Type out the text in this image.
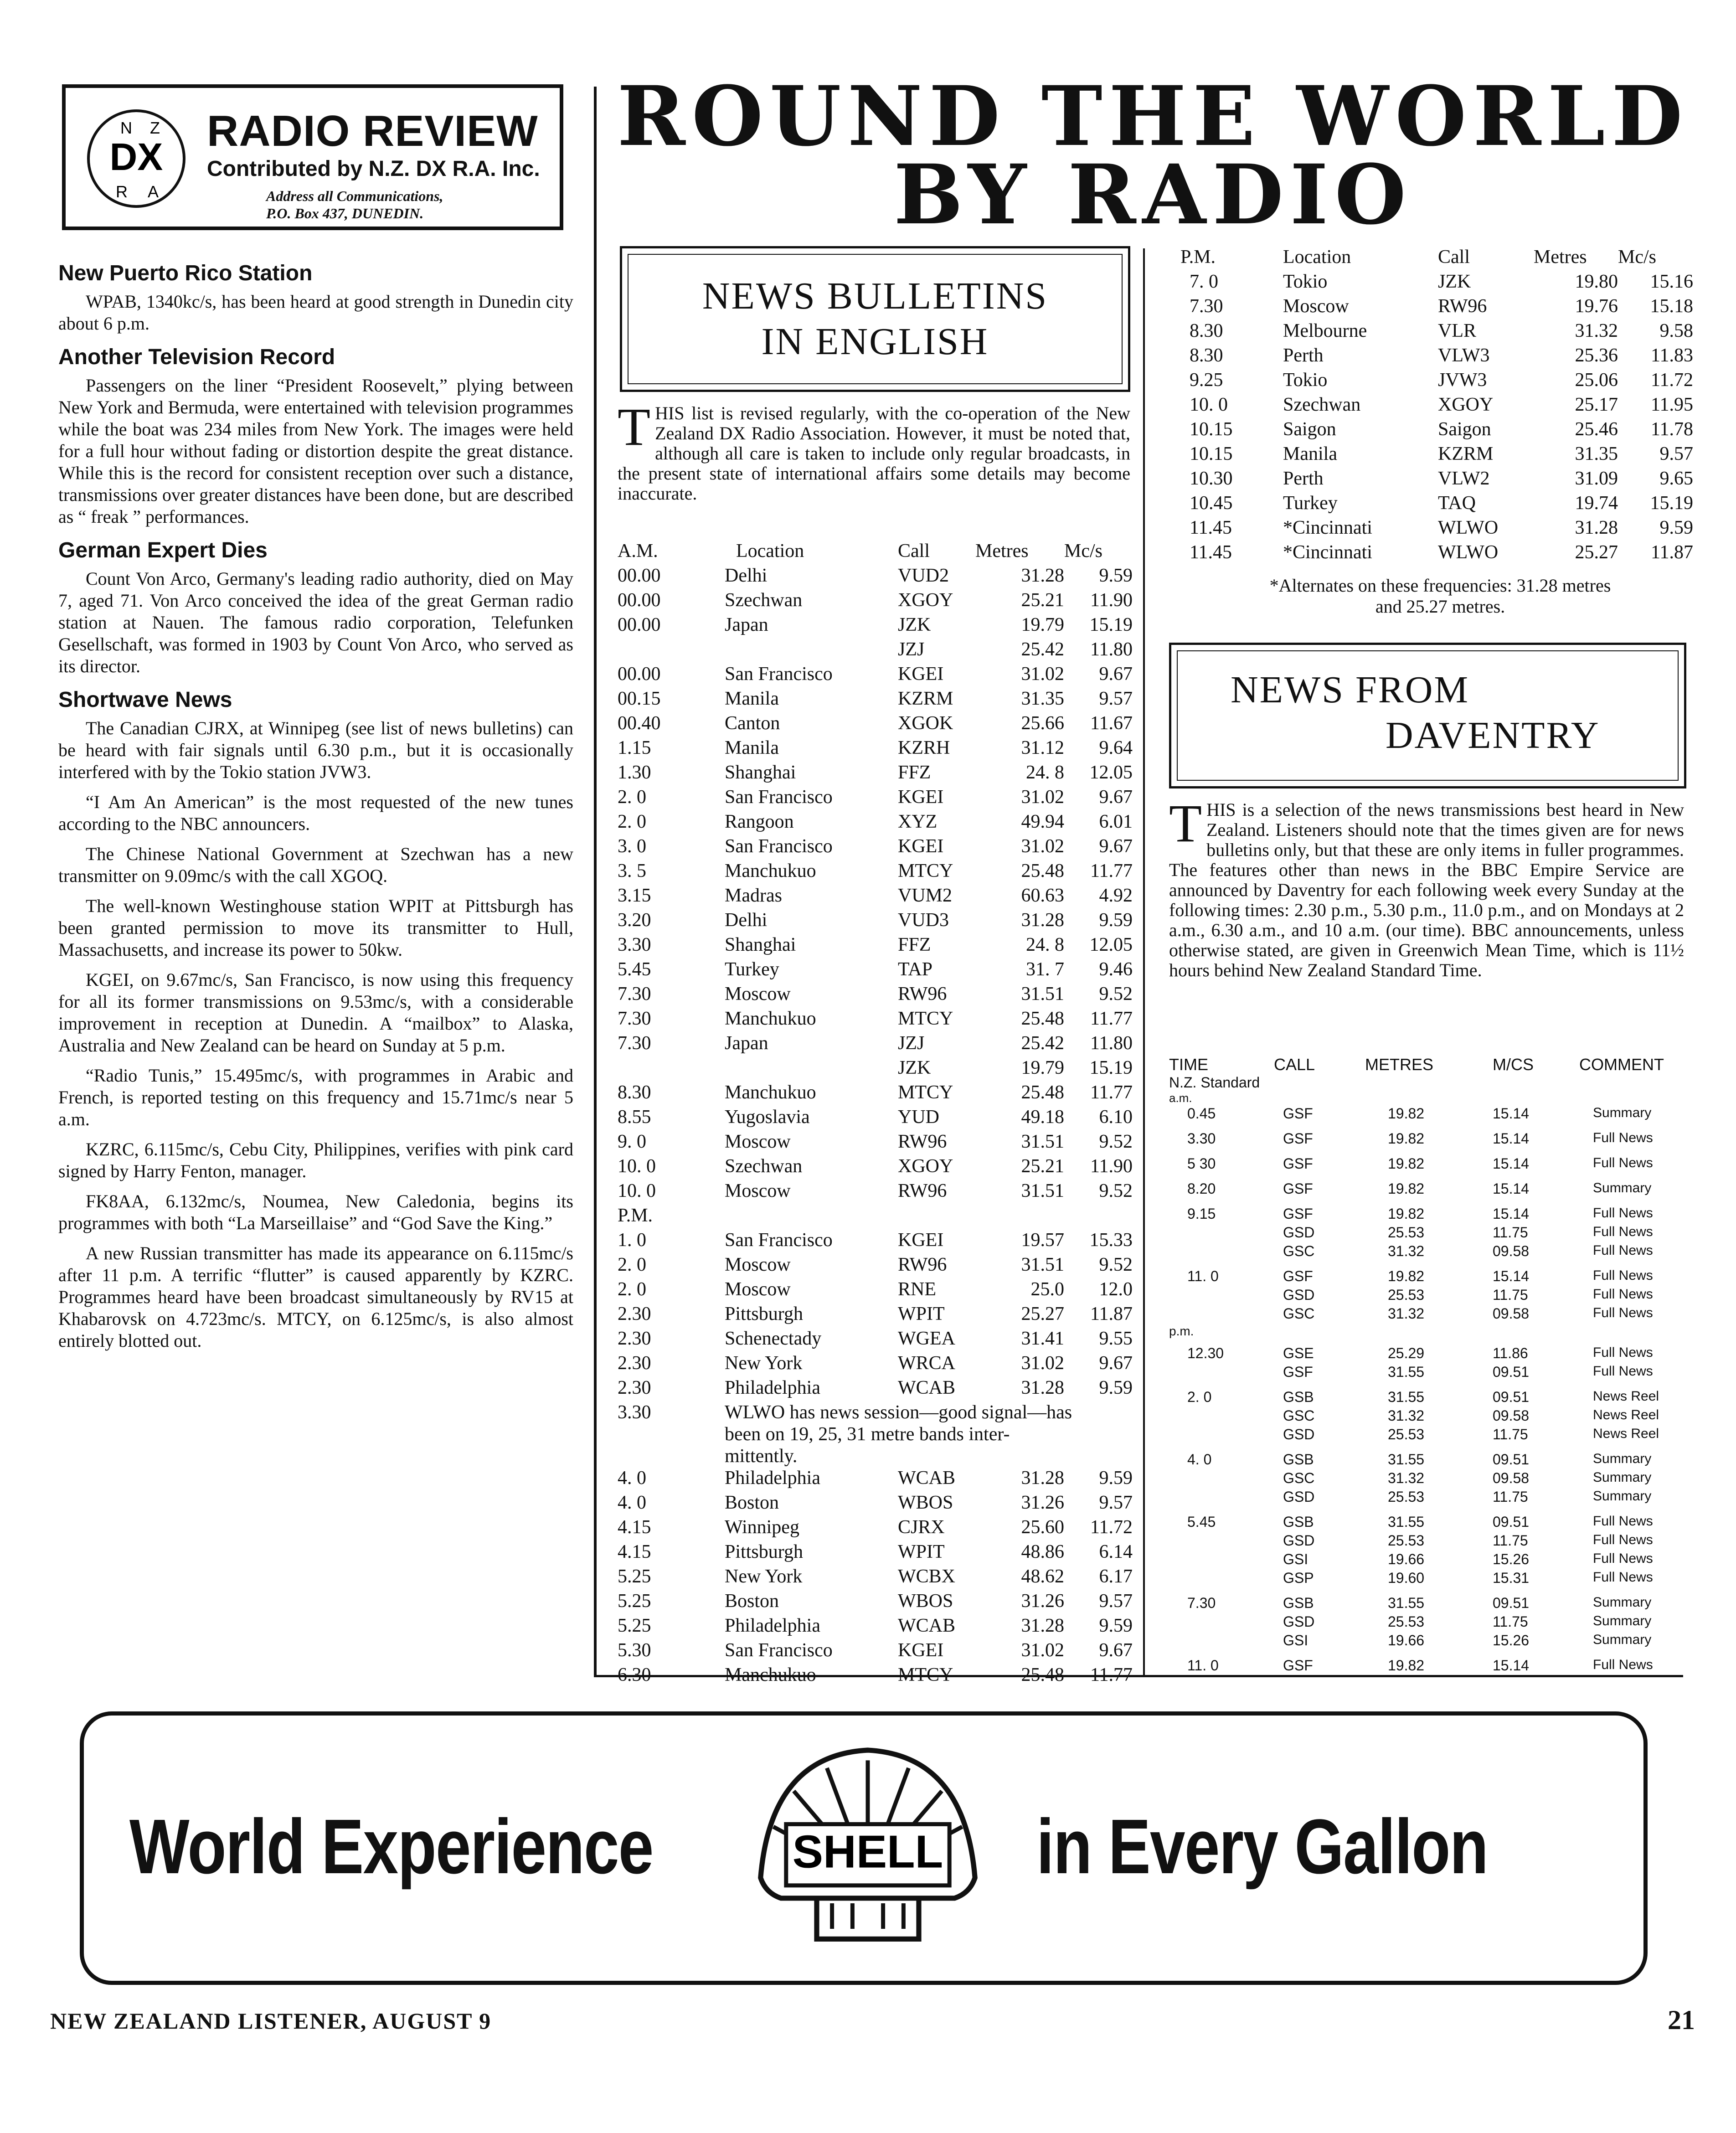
DX
N Z
R A
RADIO REVIEW
Contributed by N.Z. DX R.A. Inc.
Address all Communications,
P.O. Box 437, DUNEDIN.
New Puerto Rico Station

WPAB, 1340kc/s, has been heard at good strength in Dunedin city about 6 p.m.

Another Television Record

Passengers on the liner “President Roosevelt,” plying between New York and Bermuda, were entertained with television programmes while the boat was 234 miles from New York. The images were held for a full hour without fading or distortion despite the great distance. While this is the record for consistent reception over such a distance, transmissions over greater distances have been done, but are described as “ freak ” performances.

German Expert Dies

Count Von Arco, Germany's leading radio authority, died on May 7, aged 71. Von Arco conceived the idea of the great German radio station at Nauen. The famous radio corporation, Telefunken Gesellschaft, was formed in 1903 by Count Von Arco, who served as its director.

Shortwave News

The Canadian CJRX, at Winnipeg (see list of news bulletins) can be heard with fair signals until 6.30 p.m., but it is occasionally interfered with by the Tokio station JVW3.

“I Am An American” is the most requested of the new tunes according to the NBC announcers.

The Chinese National Government at Szechwan has a new transmitter on 9.09mc/s with the call XGOQ.

The well-known Westinghouse station WPIT at Pittsburgh has been granted permission to move its transmitter to Hull, Massachusetts, and increase its power to 50kw.

KGEI, on 9.67mc/s, San Francisco, is now using this frequency for all its former transmissions on 9.53mc/s, with a considerable improvement in reception at Dunedin. A “mailbox” to Alaska, Australia and New Zealand can be heard on Sunday at 5 p.m.

“Radio Tunis,” 15.495mc/s, with programmes in Arabic and French, is reported testing on this frequency and 15.71mc/s near 5 a.m.

KZRC, 6.115mc/s, Cebu City, Philippines, verifies with pink card signed by Harry Fenton, manager.

FK8AA, 6.132mc/s, Noumea, New Caledonia, begins its programmes with both “La Marseillaise” and “God Save the King.”

A new Russian transmitter has made its appearance on 6.115mc/s after 11 p.m. A terrific “flutter” is caused apparently by KZRC. Programmes heard have been broadcast simultaneously by RV15 at Khabarovsk on 4.723mc/s. MTCY, on 6.125mc/s, is also almost entirely blotted out.

ROUND THE WORLD
BY RADIO
NEWS BULLETINS
IN ENGLISH
THIS list is revised regularly, with the co-operation of the New Zealand DX Radio Association. However, it must be noted that, although all care is taken to include only regular broadcasts, in the present state of international affairs some details may become inaccurate.
A.M.	Location	Call	Metres	Mc/s
00.00	Delhi	VUD2	31.28	9.59
00.00	Szechwan	XGOY	25.21	11.90
00.00	Japan	JZK	19.79	15.19
		JZJ	25.42	11.80
00.00	San Francisco	KGEI	31.02	9.67
00.15	Manila	KZRM	31.35	9.57
00.40	Canton	XGOK	25.66	11.67
1.15	Manila	KZRH	31.12	9.64
1.30	Shanghai	FFZ	24. 8	12.05
2. 0	San Francisco	KGEI	31.02	9.67
2. 0	Rangoon	XYZ	49.94	6.01
3. 0	San Francisco	KGEI	31.02	9.67
3. 5	Manchukuo	MTCY	25.48	11.77
3.15	Madras	VUM2	60.63	4.92
3.20	Delhi	VUD3	31.28	9.59
3.30	Shanghai	FFZ	24. 8	12.05
5.45	Turkey	TAP	31. 7	9.46
7.30	Moscow	RW96	31.51	9.52
7.30	Manchukuo	MTCY	25.48	11.77
7.30	Japan	JZJ	25.42	11.80
		JZK	19.79	15.19
8.30	Manchukuo	MTCY	25.48	11.77
8.55	Yugoslavia	YUD	49.18	6.10
9. 0	Moscow	RW96	31.51	9.52
10. 0	Szechwan	XGOY	25.21	11.90
10. 0	Moscow	RW96	31.51	9.52
P.M.				
1. 0	San Francisco	KGEI	19.57	15.33
2. 0	Moscow	RW96	31.51	9.52
2. 0	Moscow	RNE	25.0	12.0
2.30	Pittsburgh	WPIT	25.27	11.87
2.30	Schenectady	WGEA	31.41	9.55
2.30	New York	WRCA	31.02	9.67
2.30	Philadelphia	WCAB	31.28	9.59
3.30	WLWO has news session—good signal—has
been on 19, 25, 31 metre bands inter-
mittently.			

4. 0	Philadelphia	WCAB	31.28	9.59
4. 0	Boston	WBOS	31.26	9.57
4.15	Winnipeg	CJRX	25.60	11.72
4.15	Pittsburgh	WPIT	48.86	6.14
5.25	New York	WCBX	48.62	6.17
5.25	Boston	WBOS	31.26	9.57
5.25	Philadelphia	WCAB	31.28	9.59
5.30	San Francisco	KGEI	31.02	9.67
6.30	Manchukuo	MTCY	25.48	11.77
P.M.	Location	Call	Metres	Mc/s
7. 0	Tokio	JZK	19.80	15.16
7.30	Moscow	RW96	19.76	15.18
8.30	Melbourne	VLR	31.32	9.58
8.30	Perth	VLW3	25.36	11.83
9.25	Tokio	JVW3	25.06	11.72
10. 0	Szechwan	XGOY	25.17	11.95
10.15	Saigon	Saigon	25.46	11.78
10.15	Manila	KZRM	31.35	9.57
10.30	Perth	VLW2	31.09	9.65
10.45	Turkey	TAQ	19.74	15.19
11.45	*Cincinnati	WLWO	31.28	9.59
11.45	*Cincinnati	WLWO	25.27	11.87
*Alternates on these frequencies: 31.28 metres
and 25.27 metres.
NEWS FROM
DAVENTRY
THIS is a selection of the news transmissions best heard in New Zealand. Listeners should note that the times given are for news bulletins only, but that these are only items in fuller programmes. The features other than news in the BBC Empire Service are announced by Daventry for each following week every Sunday at the following times: 2.30 p.m., 5.30 p.m., 11.0 p.m., and on Mondays at 2 a.m., 6.30 a.m., and 10 a.m. (our time). BBC announcements, unless otherwise stated, are given in Greenwich Mean Time, which is 11½ hours behind New Zealand Standard Time.
TIME	CALL	METRES	M/CS	COMMENT
N.Z. Standard				
a.m.				
0.45	GSF	19.82	15.14	Summary
3.30	GSF	19.82	15.14	Full News
5 30	GSF	19.82	15.14	Full News
8.20	GSF	19.82	15.14	Summary
9.15	GSF	19.82	15.14	Full News
	GSD	25.53	11.75	Full News
	GSC	31.32	09.58	Full News
11. 0	GSF	19.82	15.14	Full News
	GSD	25.53	11.75	Full News
	GSC	31.32	09.58	Full News
p.m.				
12.30	GSE	25.29	11.86	Full News
	GSF	31.55	09.51	Full News
2. 0	GSB	31.55	09.51	News Reel
	GSC	31.32	09.58	News Reel
	GSD	25.53	11.75	News Reel
4. 0	GSB	31.55	09.51	Summary
	GSC	31.32	09.58	Summary
	GSD	25.53	11.75	Summary
5.45	GSB	31.55	09.51	Full News
	GSD	25.53	11.75	Full News
	GSI	19.66	15.26	Full News
	GSP	19.60	15.31	Full News
7.30	GSB	31.55	09.51	Summary
	GSD	25.53	11.75	Summary
	GSI	19.66	15.26	Summary
11. 0	GSF	19.82	15.14	Full News
World Experience	SHELL in Every Gallon
NEW ZEALAND LISTENER, AUGUST 9	21
